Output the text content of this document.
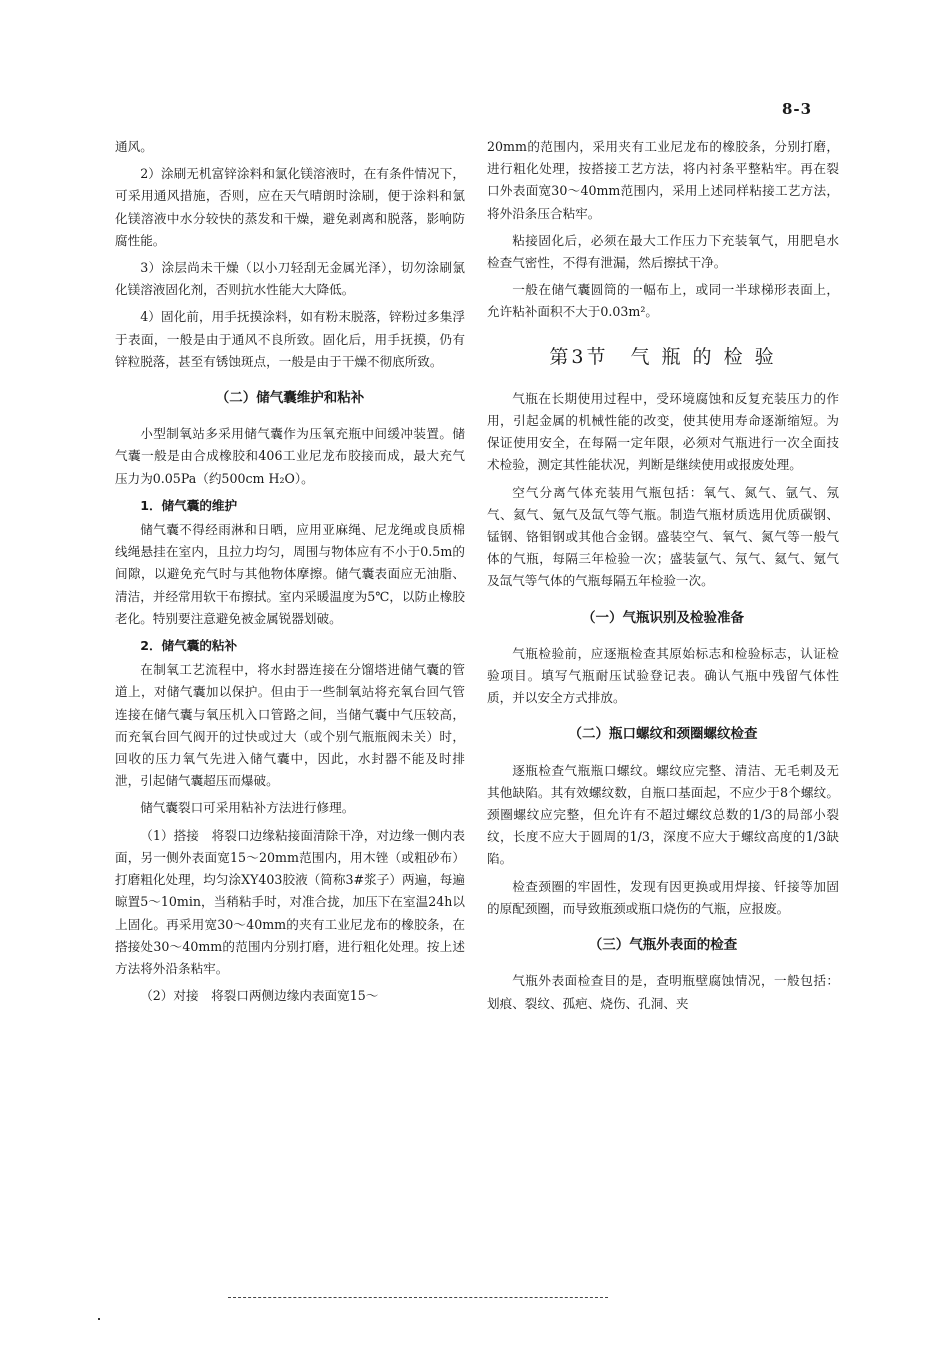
8-3

通风。

2）涂刷无机富锌涂料和氯化镁溶液时，在有条件情况下，可采用通风措施，否则，应在天气晴朗时涂刷，便于涂料和氯化镁溶液中水分较快的蒸发和干燥，避免剥离和脱落，影响防腐性能。

3）涂层尚未干燥（以小刀轻刮无金属光泽），切勿涂刷氯化镁溶液固化剂，否则抗水性能大大降低。

4）固化前，用手抚摸涂料，如有粉末脱落，锌粉过多集浮于表面，一般是由于通风不良所致。固化后，用手抚摸，仍有锌粒脱落，甚至有锈蚀斑点，一般是由于干燥不彻底所致。

（二）储气囊维护和粘补

小型制氧站多采用储气囊作为压氧充瓶中间缓冲装置。储气囊一般是由合成橡胶和406工业尼龙布胶接而成，最大充气压力为0.05Pa（约500cm H₂O）。

1．储气囊的维护

储气囊不得经雨淋和日晒，应用亚麻绳、尼龙绳或良质棉线绳悬挂在室内，且拉力均匀，周围与物体应有不小于0.5m的间隙，以避免充气时与其他物体摩擦。储气囊表面应无油脂、清洁，并经常用软干布擦拭。室内采暖温度为5℃，以防止橡胶老化。特别要注意避免被金属锐器划破。

2．储气囊的粘补

在制氧工艺流程中，将水封器连接在分馏塔进储气囊的管道上，对储气囊加以保护。但由于一些制氧站将充氧台回气管连接在储气囊与氧压机入口管路之间，当储气囊中气压较高，而充氧台回气阀开的过快或过大（或个别气瓶瓶阀未关）时，回收的压力氧气先进入储气囊中，因此，水封器不能及时排泄，引起储气囊超压而爆破。

储气囊裂口可采用粘补方法进行修理。

（1）搭接　将裂口边缘粘接面清除干净，对边缘一侧内表面，另一侧外表面宽15～20mm范围内，用木锉（或粗砂布）打磨粗化处理，均匀涂XY403胶液（简称3#浆子）两遍，每遍晾置5～10min，当稍粘手时，对准合拢，加压下在室温24h以上固化。再采用宽30～40mm的夹有工业尼龙布的橡胶条，在搭接处30～40mm的范围内分别打磨，进行粗化处理。按上述方法将外沿条粘牢。

（2）对接　将裂口两侧边缘内表面宽15～

20mm的范围内，采用夹有工业尼龙布的橡胶条，分别打磨，进行粗化处理，按搭接工艺方法，将内衬条平整粘牢。再在裂口外表面宽30～40mm范围内，采用上述同样粘接工艺方法，将外沿条压合粘牢。

粘接固化后，必须在最大工作压力下充装氧气，用肥皂水检查气密性，不得有泄漏，然后擦拭干净。

一般在储气囊圆筒的一幅布上，或同一半球梯形表面上，允许粘补面积不大于0.03m²。

第3节　气 瓶 的 检 验

气瓶在长期使用过程中，受环境腐蚀和反复充装压力的作用，引起金属的机械性能的改变，使其使用寿命逐渐缩短。为保证使用安全，在每隔一定年限，必须对气瓶进行一次全面技术检验，测定其性能状况，判断是继续使用或报废处理。

空气分离气体充装用气瓶包括：氧气、氮气、氩气、氖气、氦气、氪气及氙气等气瓶。制造气瓶材质选用优质碳钢、锰钢、铬钼钢或其他合金钢。盛装空气、氧气、氮气等一般气体的气瓶，每隔三年检验一次；盛装氩气、氖气、氦气、氪气及氙气等气体的气瓶每隔五年检验一次。

（一）气瓶识别及检验准备

气瓶检验前，应逐瓶检查其原始标志和检验标志，认证检验项目。填写气瓶耐压试验登记表。确认气瓶中残留气体性质，并以安全方式排放。

（二）瓶口螺纹和颈圈螺纹检查

逐瓶检查气瓶瓶口螺纹。螺纹应完整、清洁、无毛刺及无其他缺陷。其有效螺纹数，自瓶口基面起，不应少于8个螺纹。颈圈螺纹应完整，但允许有不超过螺纹总数的1/3的局部小裂纹，长度不应大于圆周的1/3，深度不应大于螺纹高度的1/3缺陷。

检查颈圈的牢固性，发现有因更换或用焊接、钎接等加固的原配颈圈，而导致瓶颈或瓶口烧伤的气瓶，应报废。

（三）气瓶外表面的检查

气瓶外表面检查目的是，查明瓶壁腐蚀情况，一般包括：划痕、裂纹、孤疤、烧伤、孔洞、夹
